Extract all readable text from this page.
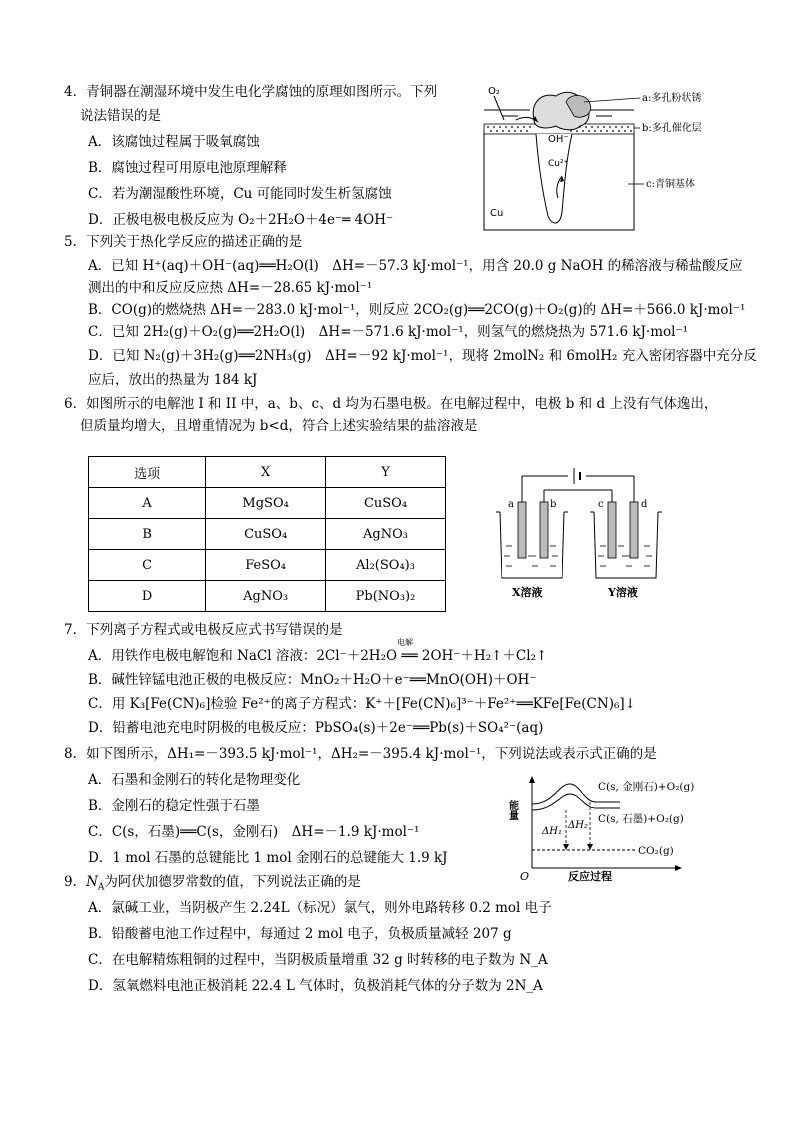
4．青铜器在潮湿环境中发生电化学腐蚀的原理如图所示。下列
说法错误的是
A．该腐蚀过程属于吸氧腐蚀
B．腐蚀过程可用原电池原理解释
C．若为潮湿酸性环境，Cu 可能同时发生析氢腐蚀
D．正极电极电极反应为 O₂＋2H₂O＋4e⁻═ 4OH⁻
O₂
OH⁻
Cu²⁺
Cu
a:多孔粉状锈
b:多孔催化层
c:青铜基体
5．下列关于热化学反应的描述正确的是
A．已知 H⁺(aq)＋OH⁻(aq)══H₂O(l)　ΔH=－57.3 kJ·mol⁻¹，用含 20.0 g NaOH 的稀溶液与稀盐酸反应
测出的中和反应反应热 ΔH=－28.65 kJ·mol⁻¹
B．CO(g)的燃烧热 ΔH=－283.0 kJ·mol⁻¹，则反应 2CO₂(g)══2CO(g)＋O₂(g)的 ΔH=＋566.0 kJ·mol⁻¹
C．已知 2H₂(g)＋O₂(g)══2H₂O(l)　ΔH=－571.6 kJ·mol⁻¹，则氢气的燃烧热为 571.6 kJ·mol⁻¹
D．已知 N₂(g)＋3H₂(g)══2NH₃(g)　ΔH=－92 kJ·mol⁻¹，现将 2molN₂ 和 6molH₂ 充入密闭容器中充分反
应后，放出的热量为 184 kJ
6．如图所示的电解池 I 和 II 中，a、b、c、d 均为石墨电极。在电解过程中，电极 b 和 d 上没有气体逸出，
但质量均增大，且增重情况为 b<d，符合上述实验结果的盐溶液是
选项	X	Y
A	MgSO₄	CuSO₄
B	CuSO₄	AgNO₃
C	FeSO₄	Al₂(SO₄)₃
D	AgNO₃	Pb(NO₃)₂
a	b	c	d
X溶液	Y溶液
7．下列离子方程式或电极反应式书写错误的是
A．用铁作电极电解饱和 NaCl 溶液：2Cl⁻＋2H₂O ══ 2OH⁻＋H₂↑＋Cl₂↑
电解
B．碱性锌锰电池正极的电极反应：MnO₂＋H₂O＋e⁻══MnO(OH)＋OH⁻
C．用 K₃[Fe(CN)₆]检验 Fe²⁺的离子方程式：K⁺＋[Fe(CN)₆]³⁻＋Fe²⁺══KFe[Fe(CN)₆]↓
D．铅蓄电池充电时阴极的电极反应：PbSO₄(s)＋2e⁻══Pb(s)＋SO₄²⁻(aq)
8．如下图所示，ΔH₁=－393.5 kJ·mol⁻¹，ΔH₂=－395.4 kJ·mol⁻¹，下列说法或表示式正确的是
A．石墨和金刚石的转化是物理变化
B．金刚石的稳定性强于石墨
C．C(s，石墨)══C(s，金刚石)　ΔH=－1.9 kJ·mol⁻¹
D．1 mol 石墨的总键能比 1 mol 金刚石的总键能大 1.9 kJ
能量
O	反应过程
C(s, 金刚石)+O₂(g)
C(s, 石墨)+O₂(g)
CO₂(g)
ΔH₁
ΔH₂
9．$N_A$为阿伏加德罗常数的值，下列说法正确的是
A．氯碱工业，当阴极产生 2.24L（标况）氯气，则外电路转移 0.2 mol 电子
B．铅酸蓄电池工作过程中，每通过 2 mol 电子，负极质量减轻 207 g
C．在电解精炼粗铜的过程中，当阴极质量增重 32 g 时转移的电子数为 N_A
D．氢氧燃料电池正极消耗 22.4 L 气体时，负极消耗气体的分子数为 2N_A
